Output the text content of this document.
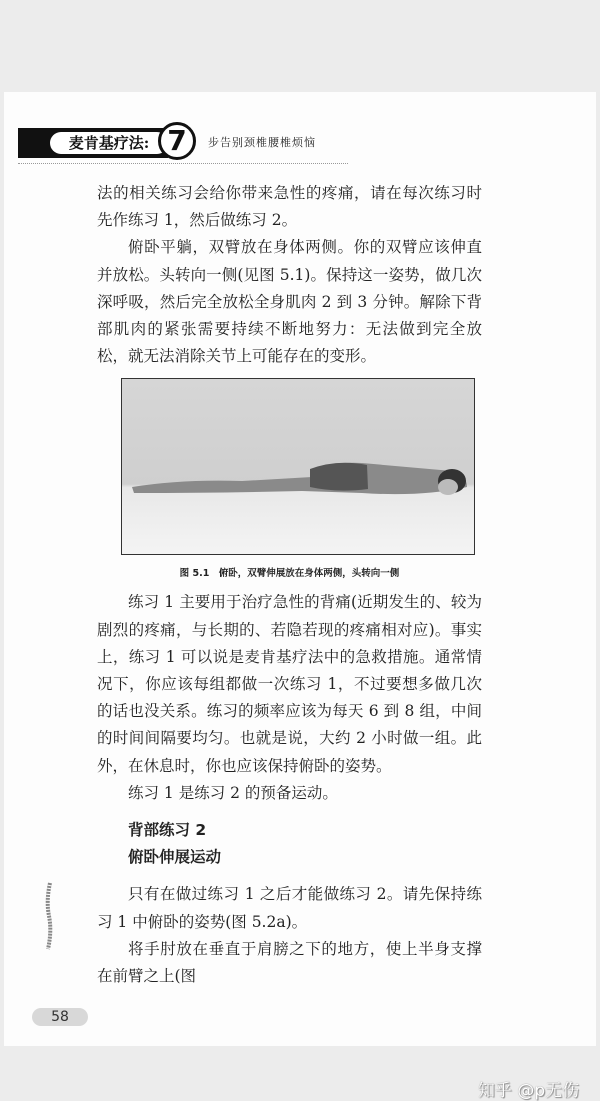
麦肯基疗法: 7	步告别颈椎腰椎烦恼

法的相关练习会给你带来急性的疼痛，请在每次练习时先作练习 1，然后做练习 2。

俯卧平躺，双臂放在身体两侧。你的双臂应该伸直并放松。头转向一侧(见图 5.1)。保持这一姿势，做几次深呼吸，然后完全放松全身肌肉 2 到 3 分钟。解除下背部肌肉的紧张需要持续不断地努力：无法做到完全放松，就无法消除关节上可能存在的变形。

图 5.1　俯卧，双臂伸展放在身体两侧，头转向一侧

练习 1 主要用于治疗急性的背痛(近期发生的、较为剧烈的疼痛，与长期的、若隐若现的疼痛相对应)。事实上，练习 1 可以说是麦肯基疗法中的急救措施。通常情况下，你应该每组都做一次练习 1，不过要想多做几次的话也没关系。练习的频率应该为每天 6 到 8 组，中间的时间间隔要均匀。也就是说，大约 2 小时做一组。此外，在休息时，你也应该保持俯卧的姿势。

练习 1 是练习 2 的预备运动。

背部练习 2

俯卧伸展运动

只有在做过练习 1 之后才能做练习 2。请先保持练习 1 中俯卧的姿势(图 5.2a)。

将手肘放在垂直于肩膀之下的地方，使上半身支撑在前臂之上(图

58
知乎 @p无伤
